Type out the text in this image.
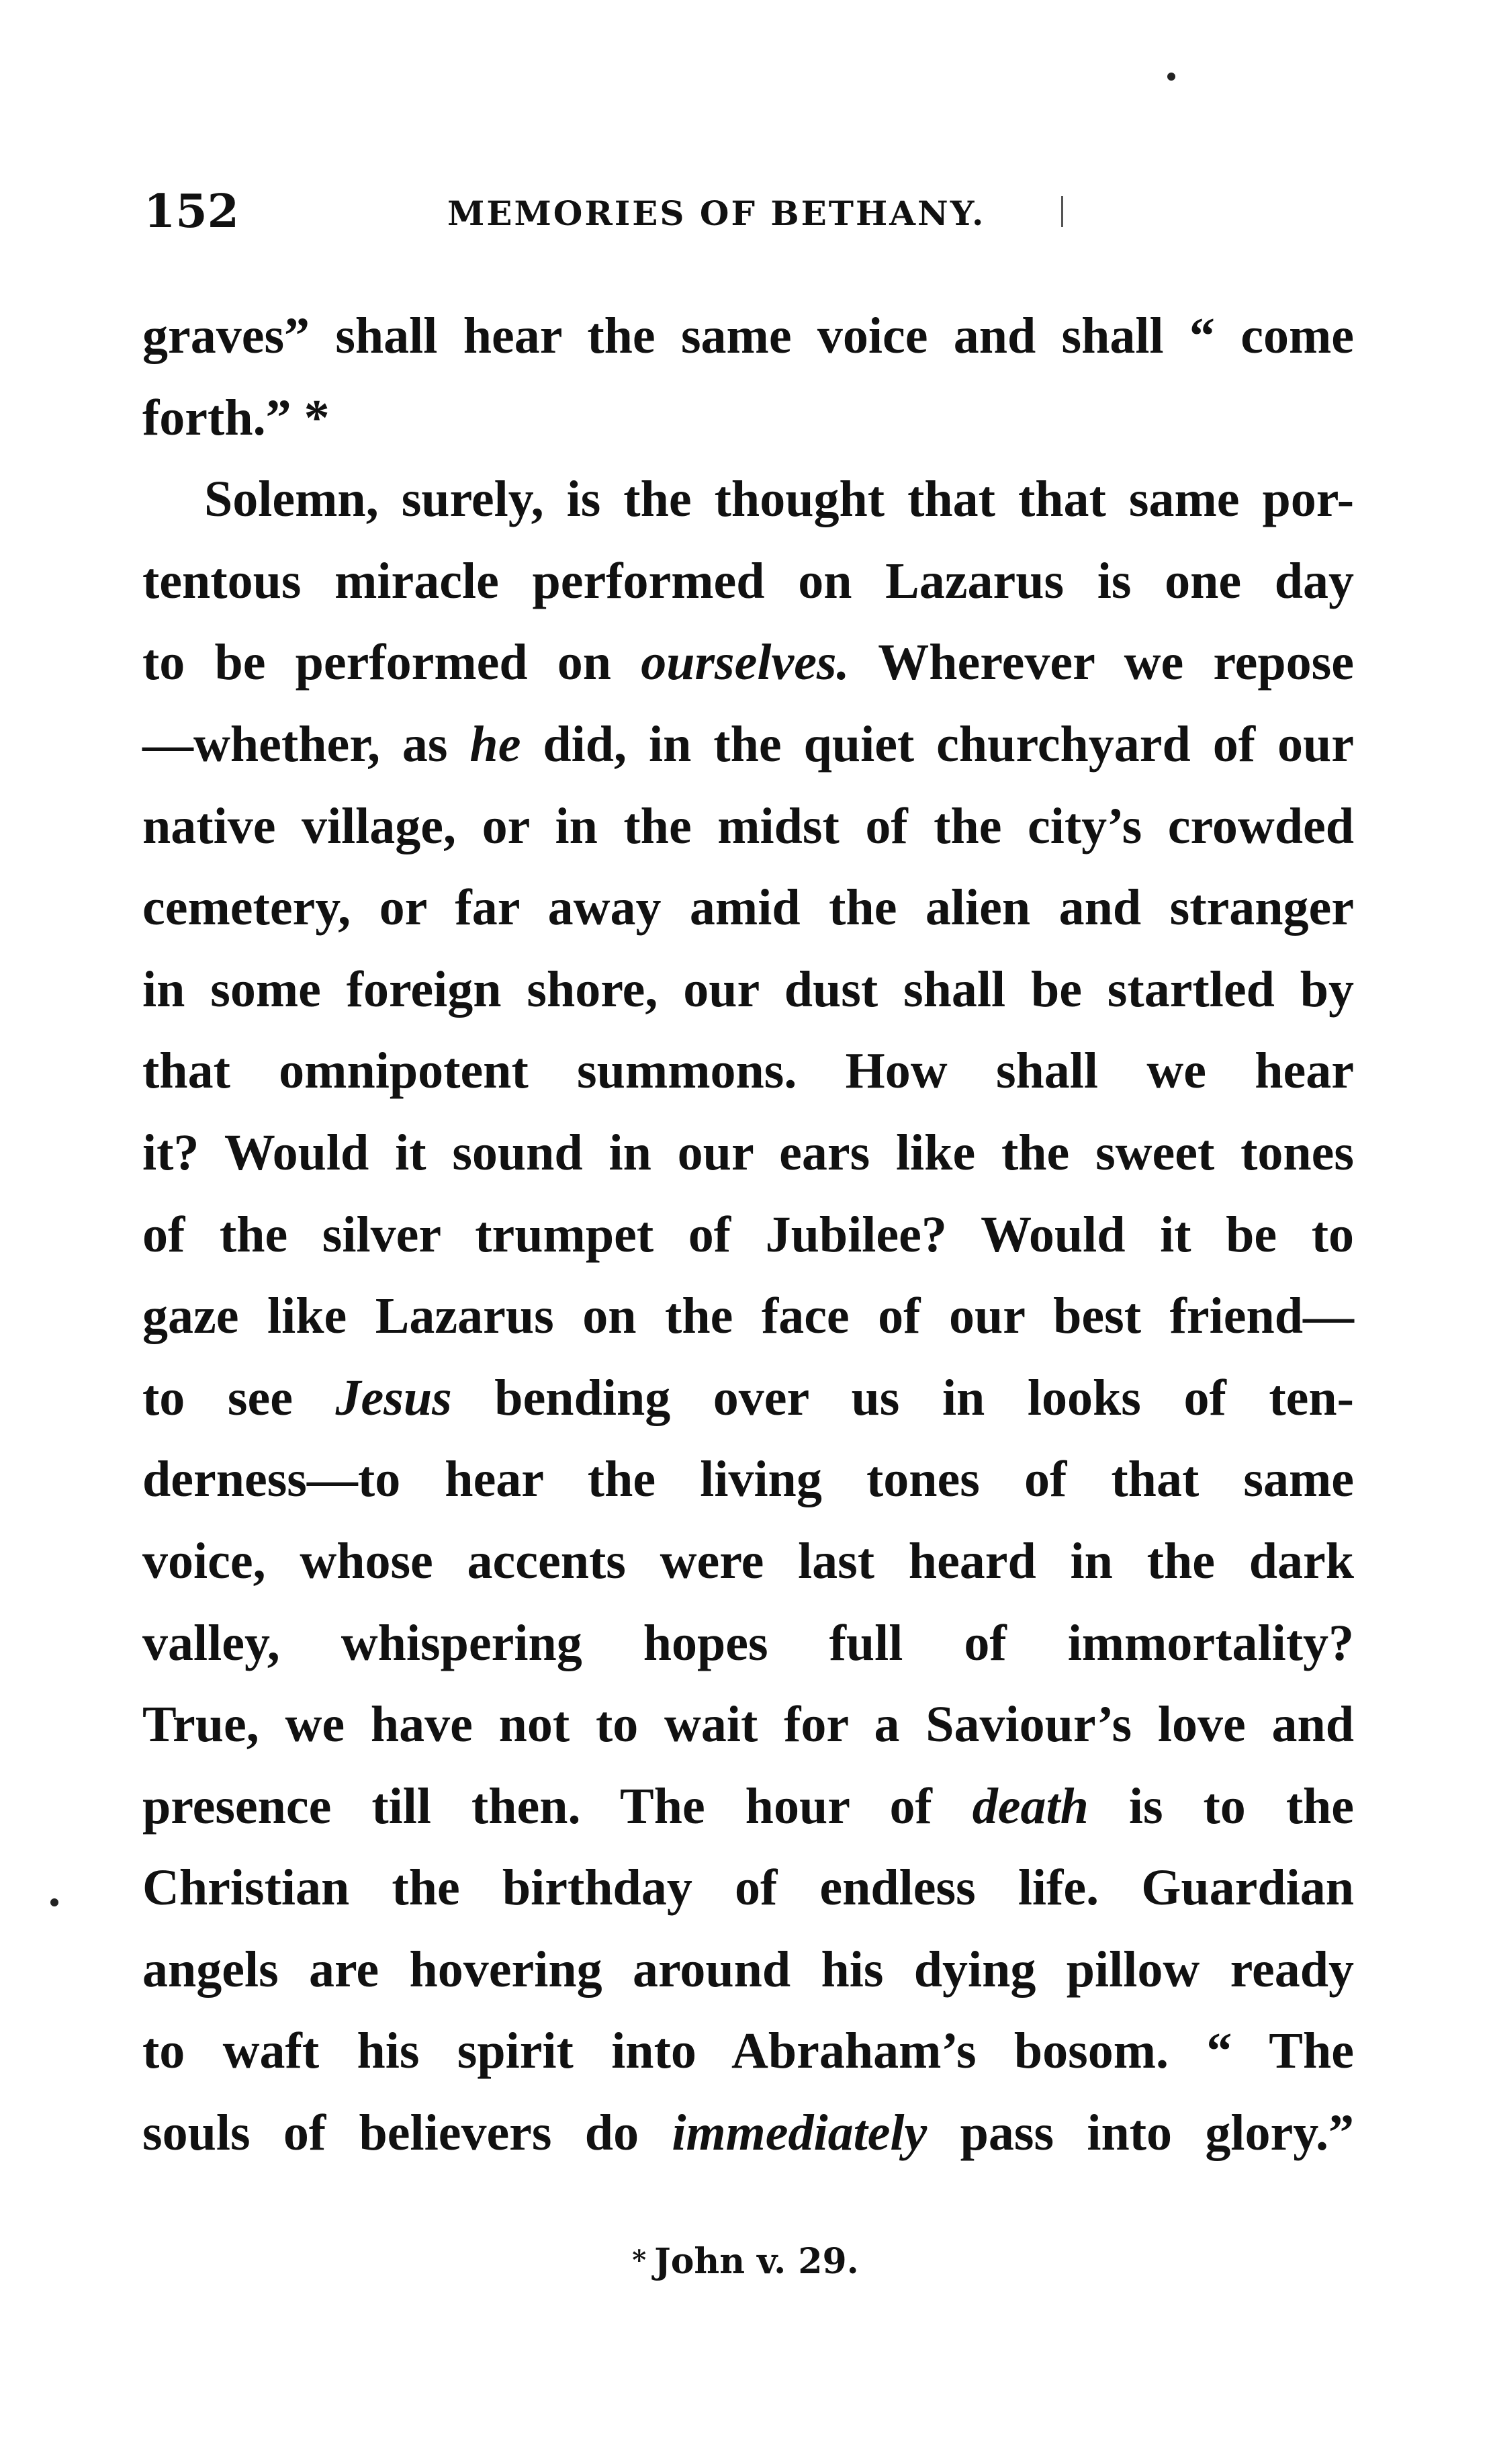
152	MEMORIES OF BETHANY.
graves” shall hear the same voice and shall “ come
forth.” *
Solemn, surely, is the thought that that same por-
tentous miracle performed on Lazarus is one day
to be performed on ourselves. Wherever we repose
—whether, as he did, in the quiet churchyard of our
native village, or in the midst of the city’s crowded
cemetery, or far away amid the alien and stranger
in some foreign shore, our dust shall be startled by
that omnipotent summons. How shall we hear
it? Would it sound in our ears like the sweet tones
of the silver trumpet of Jubilee? Would it be to
gaze like Lazarus on the face of our best friend—
to see Jesus bending over us in looks of ten-
derness—to hear the living tones of that same
voice, whose accents were last heard in the dark
valley, whispering hopes full of immortality?
True, we have not to wait for a Saviour’s love and
presence till then. The hour of death is to the
Christian the birthday of endless life. Guardian
angels are hovering around his dying pillow ready
to waft his spirit into Abraham’s bosom. “ The
souls of believers do immediately pass into glory.”
* John v. 29.
